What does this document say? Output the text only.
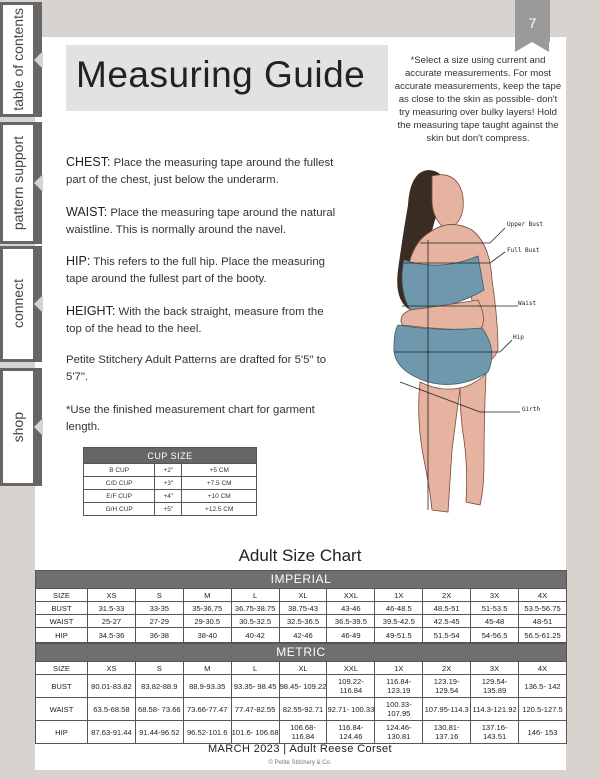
table of contents
pattern support
connect
shop
7
Measuring Guide	*Select a size using current and accurate measurements. For most accurate measurements, keep the tape as close to the skin as possible- don't try measuring over bulky layers! Hold the measuring tape taught against the skin but don't compress.
CHEST: Place the measuring tape around the fullest part of the chest, just below the underarm.
WAIST: Place the measuring tape around the natural waistline. This is normally around the navel.
HIP: This refers to the full hip. Place the measuring tape around the fullest part of the booty.
HEIGHT: With the back straight, measure from the top of the head to the heel.
Petite Stitchery Adult Patterns are drafted for 5'5" to 5'7".
*Use the finished measurement chart for garment length.
CUP SIZE		
B CUP	+2"	+5 CM
C/D CUP	+3"	+7.5 CM
E/F CUP	+4"	+10 CM
G/H CUP	+5"	+12.5 CM
Upper Bust
Full Bust
Waist
Hip
Girth
Adult Size Chart
IMPERIAL										
SIZE	XS	S	M	L	XL	XXL	1X	2X	3X	4X
BUST	31.5-33	33-35	35-36.75	36.75-38.75	38.75-43	43-46	46-48.5	48.5-51	51-53.5	53.5-56.75
WAIST	25-27	27-29	29-30.5	30.5-32.5	32.5-36.5	36.5-39.5	39.5-42.5	42.5-45	45-48	48-51
HIP	34.5-36	36-38	38-40	40-42	42-46	46-49	49-51.5	51.5-54	54-56.5	56.5-61.25
METRIC										
SIZE	XS	S	M	L	XL	XXL	1X	2X	3X	4X
BUST	80.01-83.82	83.82-88.9	88.9-93.35	93.35- 98.45	98.45- 109.22	109.22- 116.84	116.84- 123.19	123.19- 129.54	129.54- 135.89	136.5- 142
WAIST	63.5-68.58	68.58- 73.66	73.66-77.47	77.47-82.55	82.55-92.71	92.71- 100.33	100.33- 107.95	107.95-114.3	114.3-121.92	120.5-127.5
HIP	87.63-91.44	91.44-96.52	96.52-101.6	101.6- 106.68	106.68- 116.84	116.84- 124.46	124.46- 130.81	130.81- 137.16	137.16- 143.51	146- 153
MARCH 2023 | Adult Reese Corset
© Petite Stitchery & Co.
